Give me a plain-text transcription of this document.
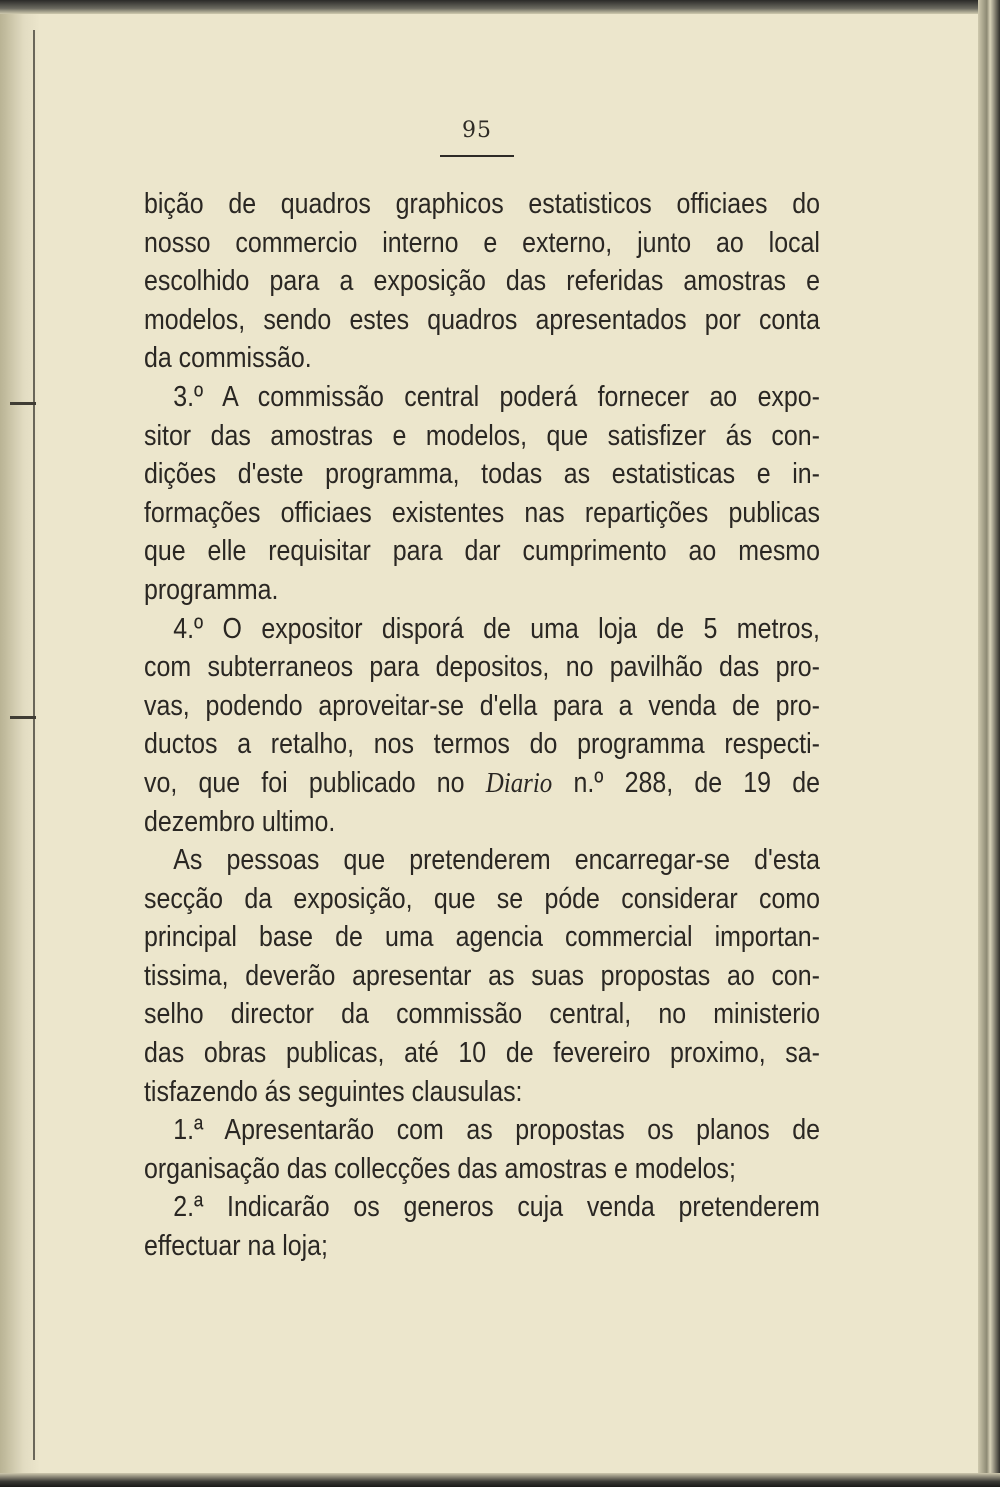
95
bição de quadros graphicos estatisticos officiaes do
nosso commercio interno e externo, junto ao local
escolhido para a exposição das referidas amostras e
modelos, sendo estes quadros apresentados por conta
da commissão.
3.º A commissão central poderá fornecer ao expo-
sitor das amostras e modelos, que satisfizer ás con-
dições d'este programma, todas as estatisticas e in-
formações officiaes existentes nas repartições publicas
que elle requisitar para dar cumprimento ao mesmo
programma.
4.º O expositor disporá de uma loja de 5 metros,
com subterraneos para depositos, no pavilhão das pro-
vas, podendo aproveitar-se d'ella para a venda de pro-
ductos a retalho, nos termos do programma respecti-
vo, que foi publicado no Diario n.º 288, de 19 de
dezembro ultimo.
As pessoas que pretenderem encarregar-se d'esta
secção da exposição, que se póde considerar como
principal base de uma agencia commercial importan-
tissima, deverão apresentar as suas propostas ao con-
selho director da commissão central, no ministerio
das obras publicas, até 10 de fevereiro proximo, sa-
tisfazendo ás seguintes clausulas:
1.ª Apresentarão com as propostas os planos de
organisação das collecções das amostras e modelos;
2.ª Indicarão os generos cuja venda pretenderem
effectuar na loja;
